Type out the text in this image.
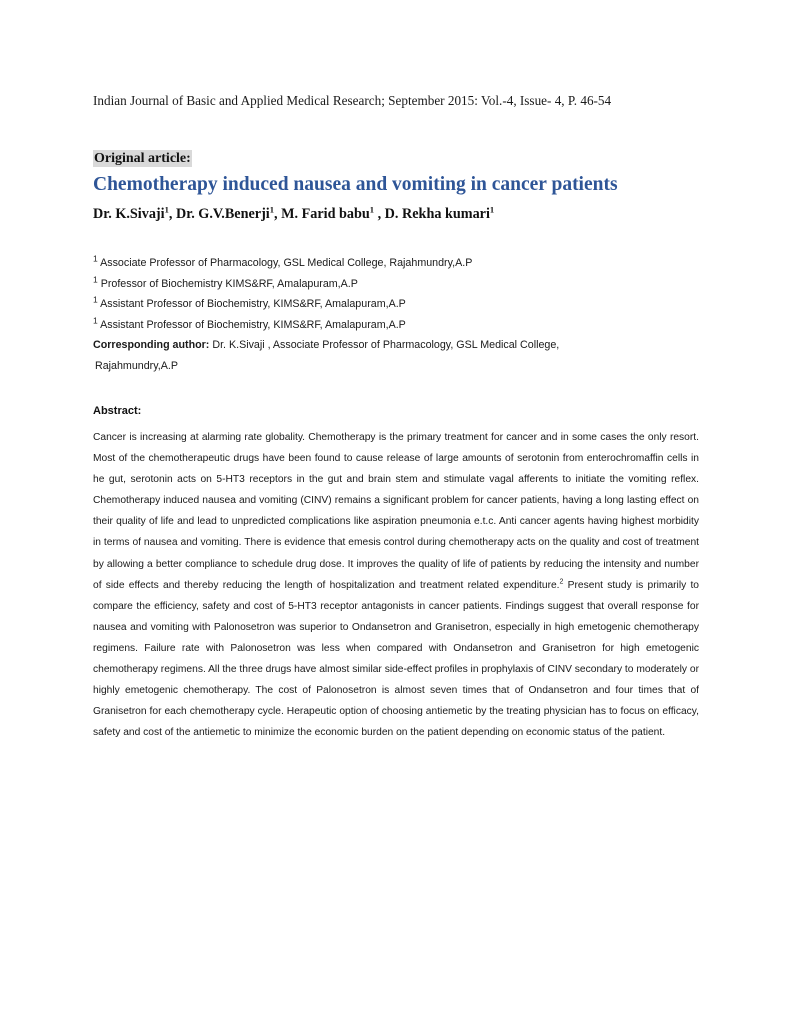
Indian Journal of Basic and Applied Medical Research; September 2015: Vol.-4, Issue- 4, P. 46-54
Original article:
Chemotherapy induced nausea and vomiting in cancer patients
Dr. K.Sivaji$^1$, Dr. G.V.Benerji$^1$, M. Farid babu$^1$ , D. Rekha kumari$^1$
$^1$ Associate Professor of Pharmacology, GSL Medical College, Rajahmundry,A.P
$^1$ Professor of Biochemistry KIMS&RF, Amalapuram,A.P
$^1$ Assistant Professor of Biochemistry, KIMS&RF, Amalapuram,A.P
$^1$ Assistant Professor of Biochemistry, KIMS&RF, Amalapuram,A.P
Corresponding author: Dr. K.Sivaji , Associate Professor of Pharmacology, GSL Medical College,
Rajahmundry,A.P
Abstract:
Cancer is increasing at alarming rate globality. Chemotherapy is the primary treatment for cancer and in some cases the only resort. Most of the chemotherapeutic drugs have been found to cause release of large amounts of serotonin from enterochromaffin cells in he gut, serotonin acts on 5-HT3 receptors in the gut and brain stem and stimulate vagal afferents to initiate the vomiting reflex. Chemotherapy induced nausea and vomiting (CINV) remains a significant problem for cancer patients, having a long lasting effect on their quality of life and lead to unpredicted complications like aspiration pneumonia e.t.c. Anti cancer agents having highest morbidity in terms of nausea and vomiting. There is evidence that emesis control during chemotherapy acts on the quality and cost of treatment by allowing a better compliance to schedule drug dose. It improves the quality of life of patients by reducing the intensity and number of side effects and thereby reducing the length of hospitalization and treatment related expenditure.$^2$ Present study is primarily to compare the efficiency, safety and cost of 5-HT3 receptor antagonists in cancer patients. Findings suggest that overall response for nausea and vomiting with Palonosetron was superior to Ondansetron and Granisetron, especially in high emetogenic chemotherapy regimens. Failure rate with Palonosetron was less when compared with Ondansetron and Granisetron for high emetogenic chemotherapy regimens. All the three drugs have almost similar side-effect profiles in prophylaxis of CINV secondary to moderately or highly emetogenic chemotherapy. The cost of Palonosetron is almost seven times that of Ondansetron and four times that of Granisetron for each chemotherapy cycle. Herapeutic option of choosing antiemetic by the treating physician has to focus on efficacy, safety and cost of the antiemetic to minimize the economic burden on the patient depending on economic status of the patient.
